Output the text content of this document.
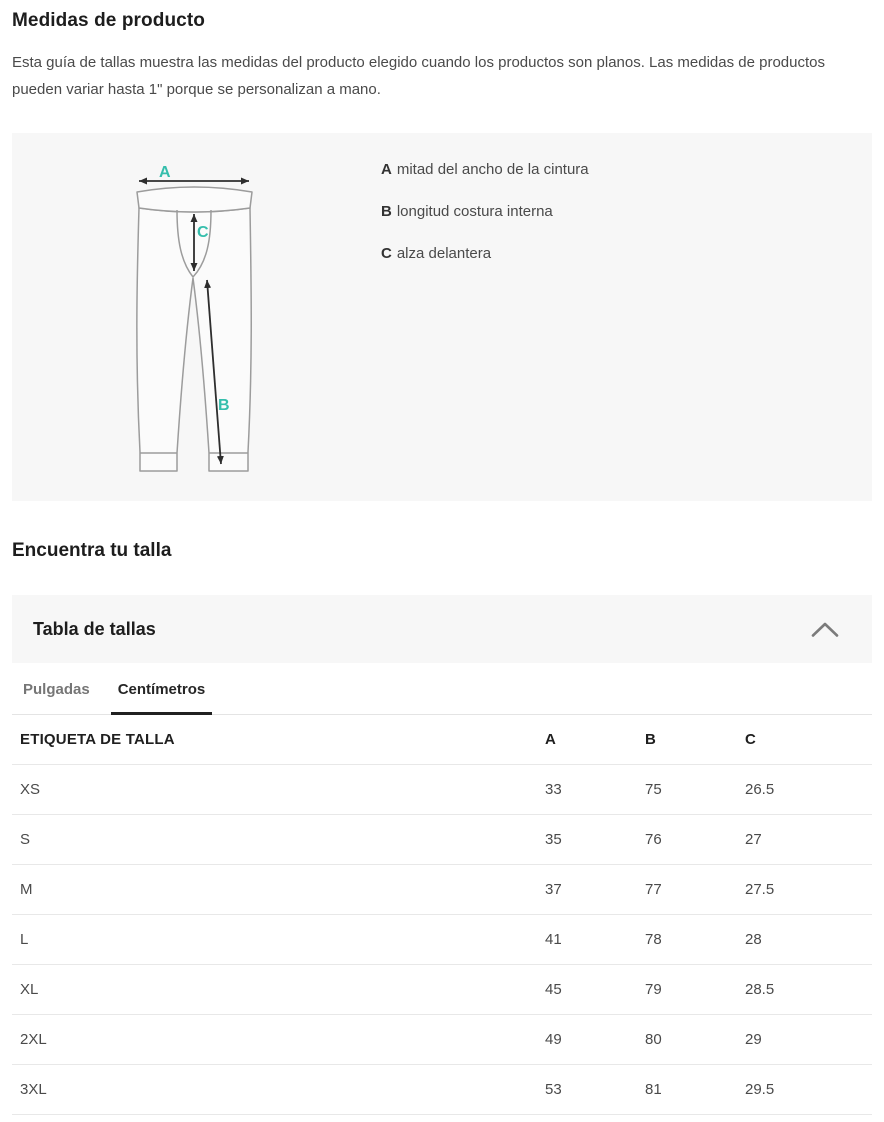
Medidas de producto

Esta guía de tallas muestra las medidas del producto elegido cuando los productos son planos. Las medidas de productos pueden variar hasta 1" porque se personalizan a mano.

A
C
B
A mitad del ancho de la cintura
B longitud costura interna
C alza delantera
Encuentra tu talla
Tabla de tallas
Pulgadas Centímetros
ETIQUETA DE TALLA	A	B	C
XS	33	75	26.5
S	35	76	27
M	37	77	27.5
L	41	78	28
XL	45	79	28.5
2XL	49	80	29
3XL	53	81	29.5
